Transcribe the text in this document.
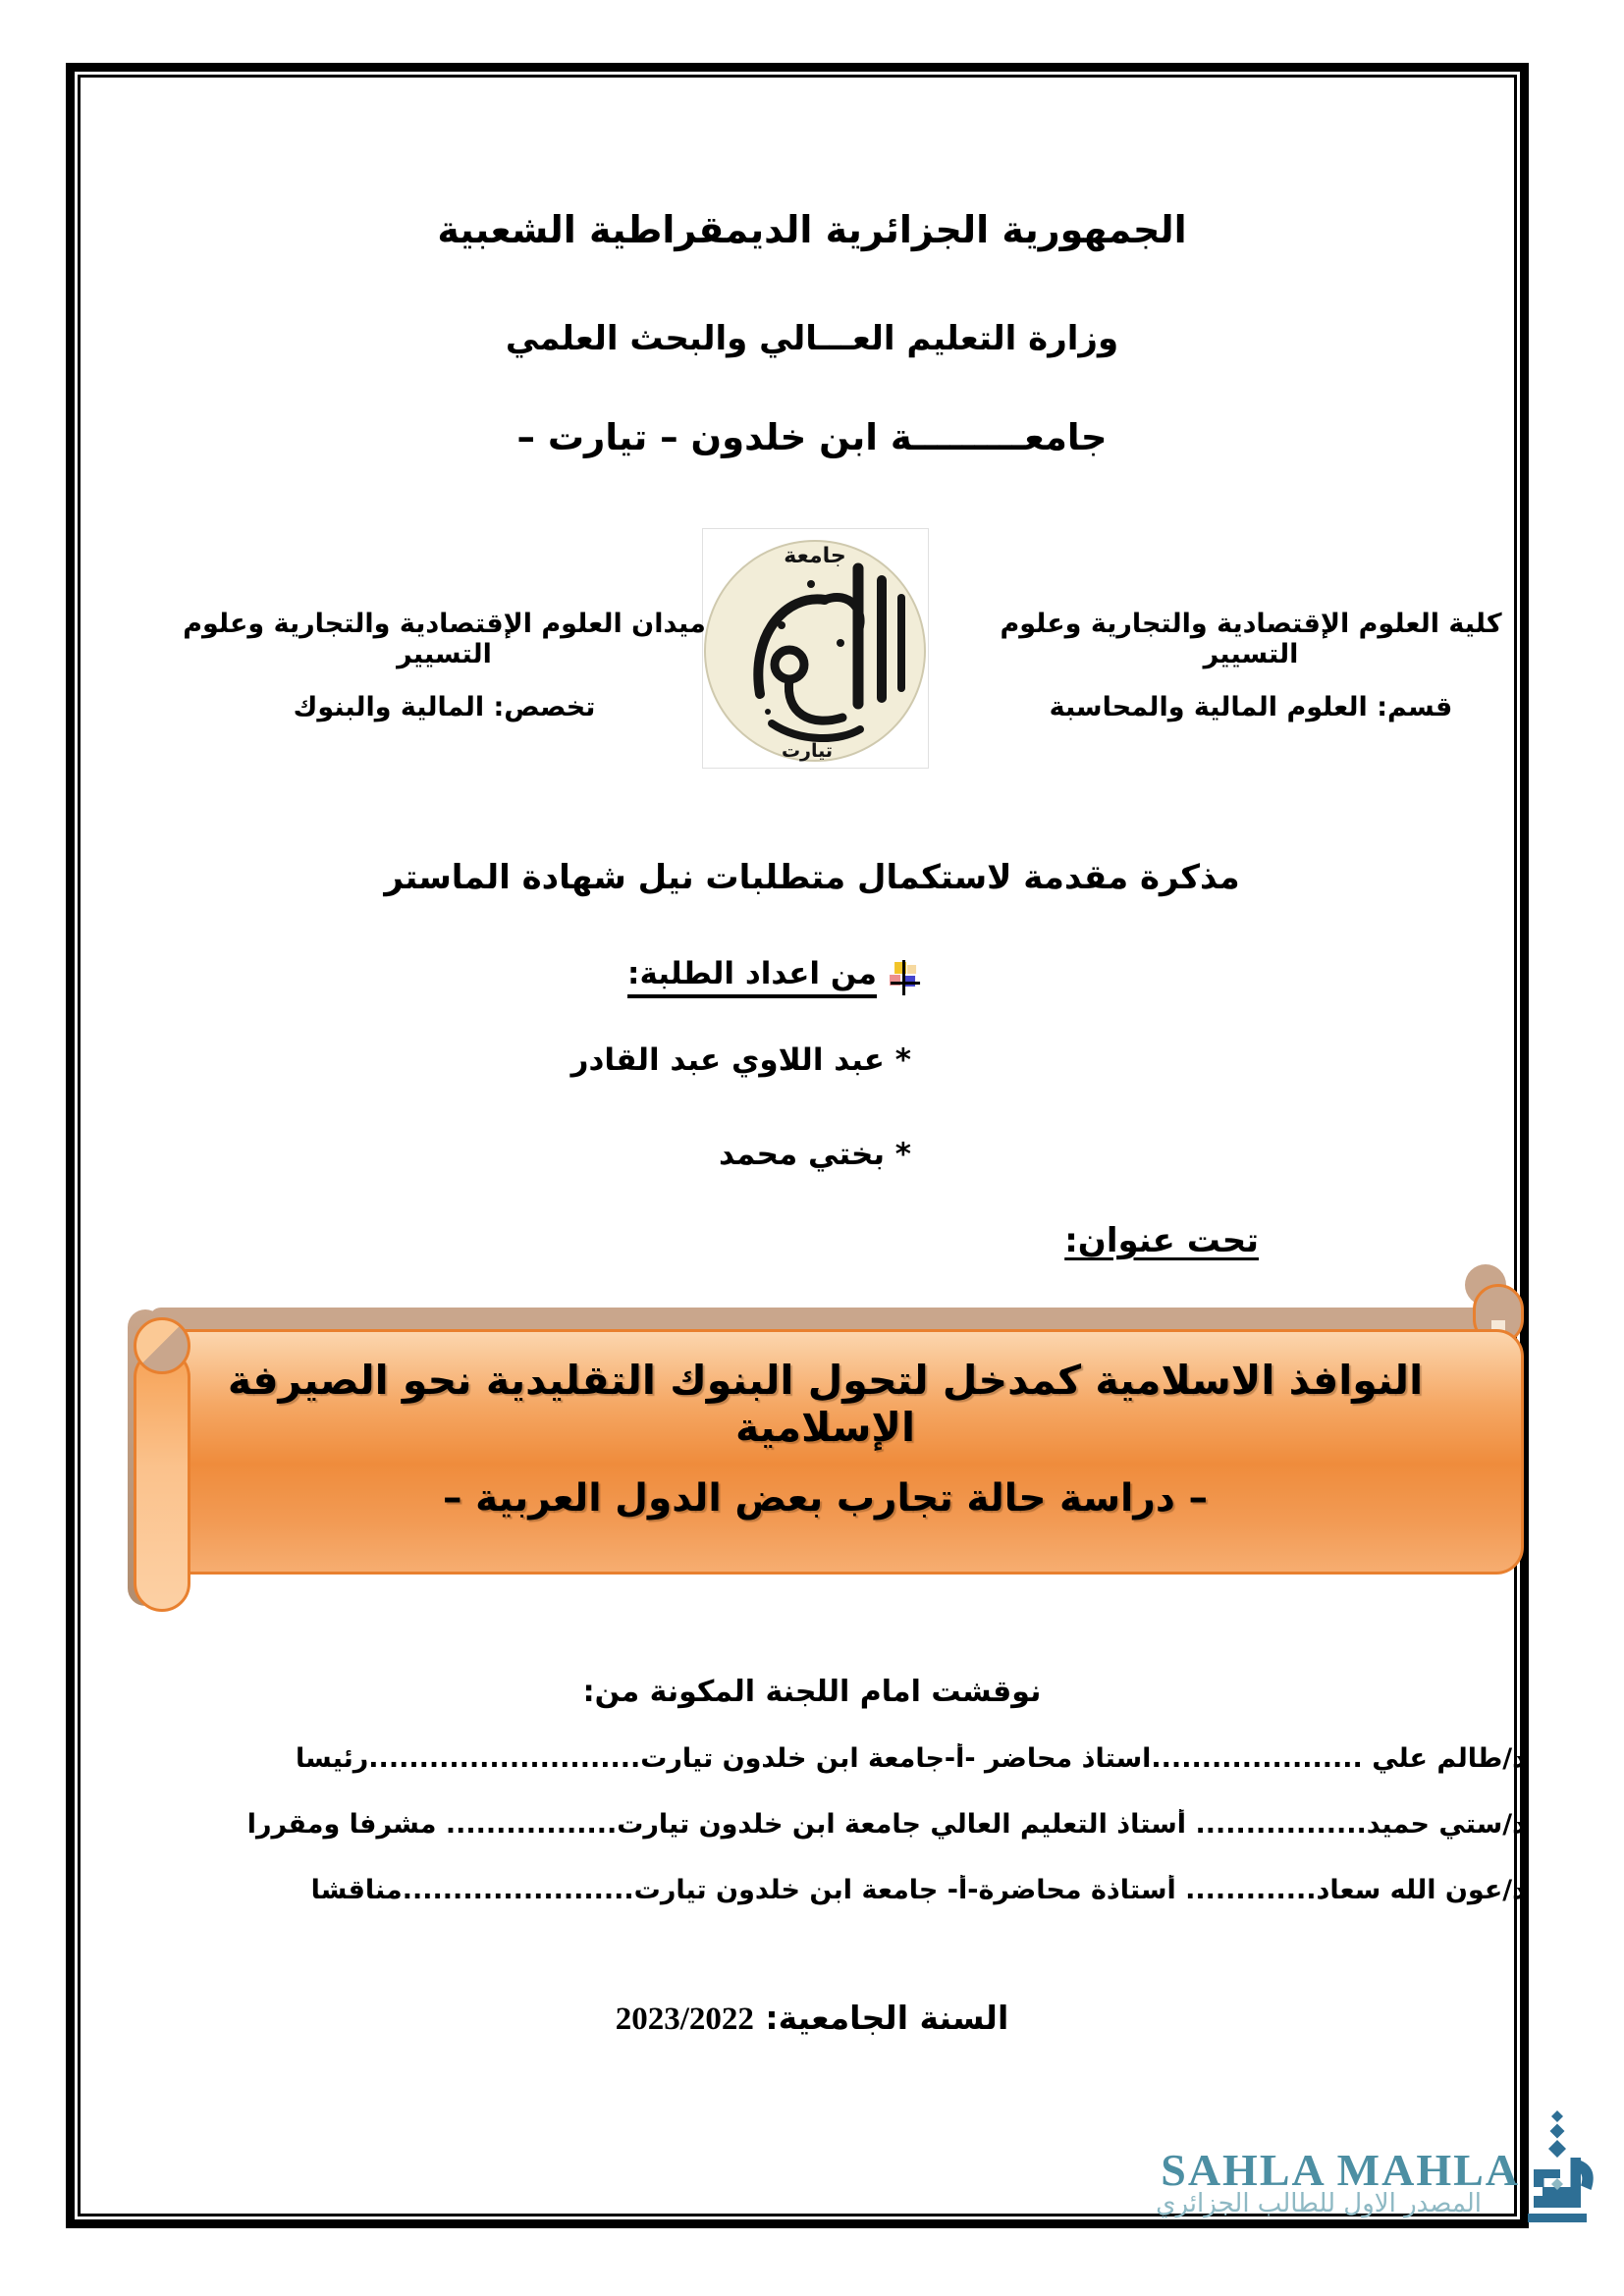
الجمهورية الجزائرية الديمقراطية الشعبية
وزارة التعليم العـــالي والبحث العلمي
جامعـــــــــة ابن خلدون – تيارت –
جامعة
تيارت
كلية العلوم الإقتصادية والتجارية وعلوم التسيير
قسم: العلوم المالية والمحاسبة
ميدان العلوم الإقتصادية والتجارية وعلوم التسيير
تخصص: المالية والبنوك
مذكرة مقدمة لاستكمال متطلبات نيل شهادة الماستر
من اعداد الطلبة:
* عبد اللاوي عبد القادر
* بختي محمد
تحت عنوان:
النوافذ الاسلامية كمدخل لتحول البنوك التقليدية نحو الصيرفة الإسلامية
– دراسة حالة تجارب بعض الدول العربية –
نوقشت امام اللجنة المكونة من:
د/طالم علي .....................استاذ محاضر -أ-جامعة ابن خلدون تيارت...........................رئيسا
د/ستي حميد................. أستاذ التعليم العالي جامعة ابن خلدون تيارت................. مشرفا ومقررا
د/عون الله سعاد............. أستاذة محاضرة-أ- جامعة ابن خلدون تيارت.......................مناقشا
السنة الجامعية: 2023/2022
SAHLA MAHLA
المصدر الاول للطالب الجزائري
